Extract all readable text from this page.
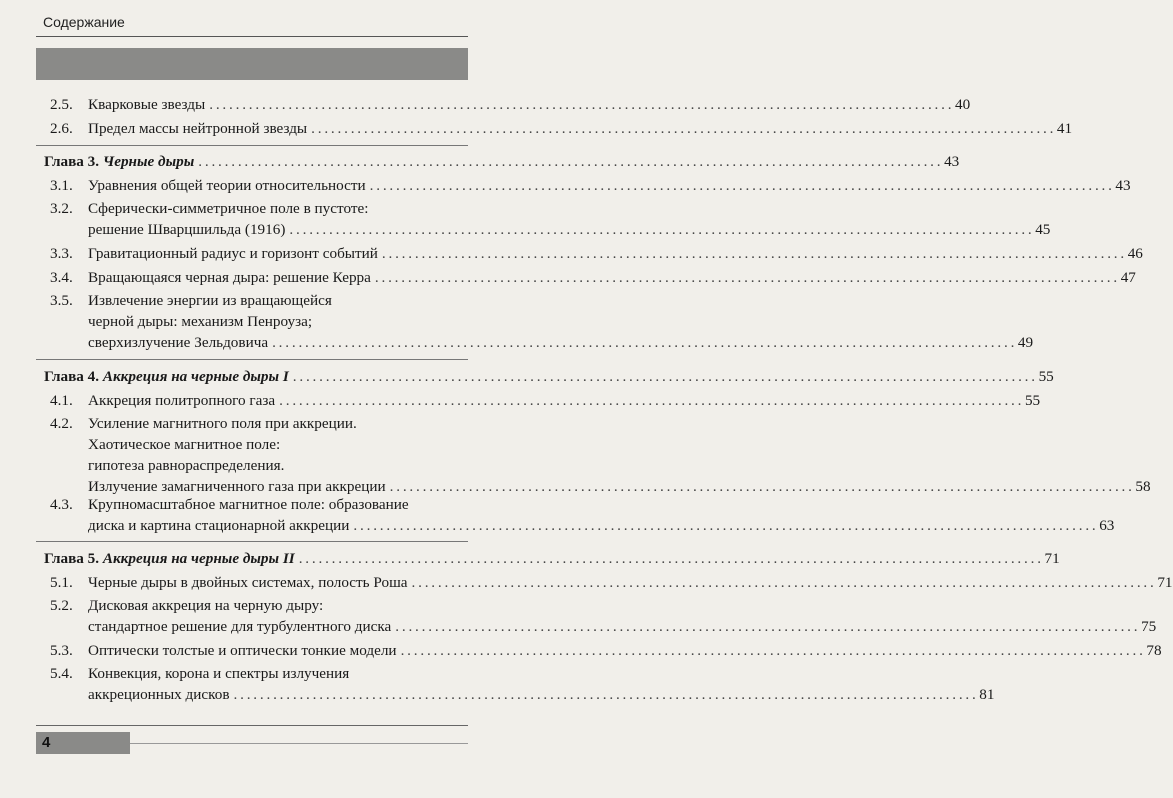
Содержание
2.5.	Кварковые звезды . . .	40
2.6.	Предел массы нейтронной звезды . . .	41
Глава 3.
Черные дыры . . .	43
3.1.	Уравнения общей теории относительности . . .	43
3.2.	Сферически-симметричное поле в пустоте:
решение Шварцшильда (1916) . . .	45
3.3.	Гравитационный радиус и горизонт событий . . .	46
3.4.	Вращающаяся черная дыра: решение Керра . . .	47
3.5.	Извлечение энергии из вращающейся
черной дыры: механизм Пенроуза;
сверхизлучение Зельдовича . . .	49
Глава 4.
Аккреция на черные дыры I . . .	55
4.1.	Аккреция политропного газа . . .	55
4.2.	Усиление магнитного поля при аккреции.
Хаотическое магнитное поле:
гипотеза равнораспределения.
Излучение замагниченного газа при аккреции . . .	58
4.3.	Крупномасштабное магнитное поле: образование
диска и картина стационарной аккреции . . .	63
Глава 5.
Аккреция на черные дыры II . . .	71
5.1.	Черные дыры в двойных системах, полость Роша . . .	71
5.2.	Дисковая аккреция на черную дыру:
стандартное решение для турбулентного диска . . .	75
5.3.	Оптически толстые и оптически тонкие модели . . .	78
5.4.	Конвекция, корона и спектры излучения
аккреционных дисков . . .	81
4
